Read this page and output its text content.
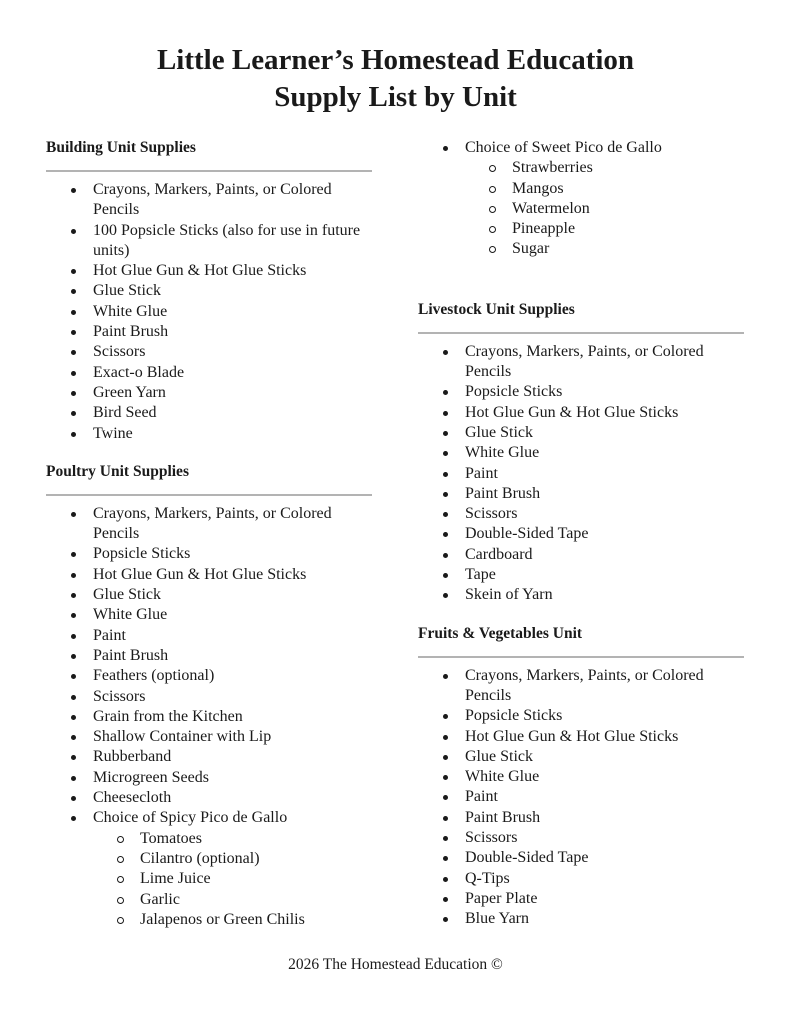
Little Learner’s Homestead Education
Supply List by Unit
Building Unit Supplies
Crayons, Markers, Paints, or Colored Pencils
100 Popsicle Sticks (also for use in future units)
Hot Glue Gun & Hot Glue Sticks
Glue Stick
White Glue
Paint Brush
Scissors
Exact-o Blade
Green Yarn
Bird Seed
Twine
Poultry Unit Supplies
Crayons, Markers, Paints, or Colored Pencils
Popsicle Sticks
Hot Glue Gun & Hot Glue Sticks
Glue Stick
White Glue
Paint
Paint Brush
Feathers (optional)
Scissors
Grain from the Kitchen
Shallow Container with Lip
Rubberband
Microgreen Seeds
Cheesecloth
Choice of Spicy Pico de Gallo
Tomatoes
Cilantro (optional)
Lime Juice
Garlic
Jalapenos or Green Chilis
Choice of Sweet Pico de Gallo
Strawberries
Mangos
Watermelon
Pineapple
Sugar
Livestock Unit Supplies
Crayons, Markers, Paints, or Colored Pencils
Popsicle Sticks
Hot Glue Gun & Hot Glue Sticks
Glue Stick
White Glue
Paint
Paint Brush
Scissors
Double-Sided Tape
Cardboard
Tape
Skein of Yarn
Fruits & Vegetables Unit
Crayons, Markers, Paints, or Colored Pencils
Popsicle Sticks
Hot Glue Gun & Hot Glue Sticks
Glue Stick
White Glue
Paint
Paint Brush
Scissors
Double-Sided Tape
Q-Tips
Paper Plate
Blue Yarn
2026 The Homestead Education ©
